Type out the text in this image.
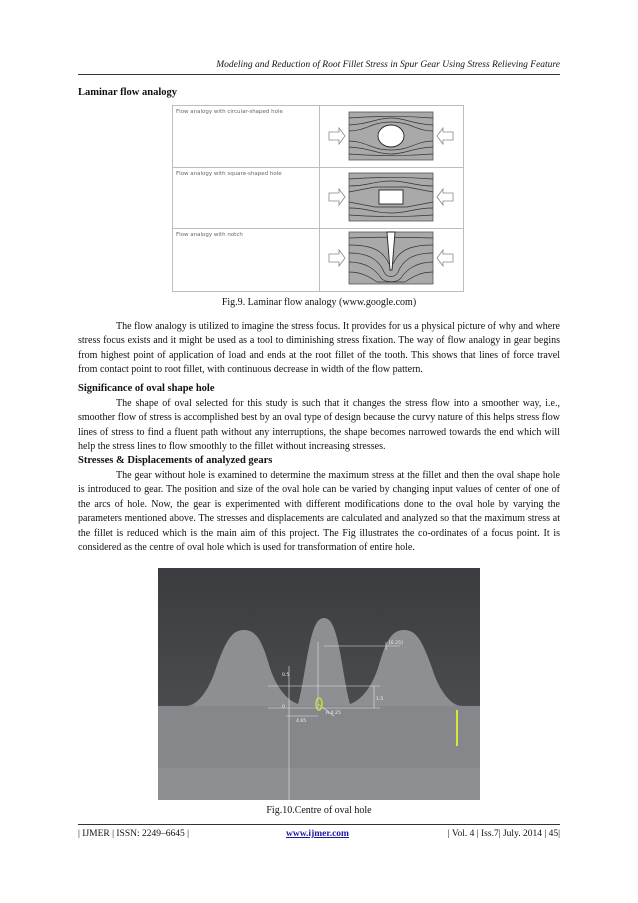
Modeling and Reduction of Root Fillet Stress in Spur Gear Using Stress Relieving Feature
Laminar flow analogy
Flow analogy with circular-shaped hole
Flow analogy with square-shaped hole
Flow analogy with notch
Fig.9. Laminar flow analogy (www.google.com)

The flow analogy is utilized to imagine the stress focus. It provides for us a physical picture of why and where stress focus exists and it might be used as a tool to diminishing stress fixation. The way of flow analogy in gear begins from highest point of application of load and ends at the root fillet of the tooth. This shows that lines of force travel from contact point to root fillet, with continuous decrease in width of the flow pattern.

Significance of oval shape hole

The shape of oval selected for this study is such that it changes the stress flow into a smoother way, i.e., smoother flow of stress is accomplished best by an oval type of design because the curvy nature of this helps stress flow lines of stress to find a fluent path without any interruptions, the shape becomes narrowed towards the end which will help the stress lines to flow smoothly to the fillet without increasing stresses.

Stresses & Displacements of analyzed gears

The gear without hole is examined to determine the maximum stress at the fillet and then the oval shape hole is introduced to gear. The position and size of the oval hole can be varied by changing input values of center of one of the arcs of hole. Now, the gear is experimented with different modifications done to the oval hole by varying the parameters mentioned above. The stresses and displacements are calculated and analyzed so that the maximum stress at the fillet is reduced which is the main aim of this project. The Fig illustrates the co-ordinates of a focus point. It is considered as the centre of oval hole which is used for transformation of entire hole.

[6.25]
0.5
1.5
0
4.65
R 0.25
Fig.10.Centre of oval hole
| IJMER | ISSN: 2249–6645 |	www.ijmer.com	| Vol. 4 | Iss.7| July. 2014 | 45|
